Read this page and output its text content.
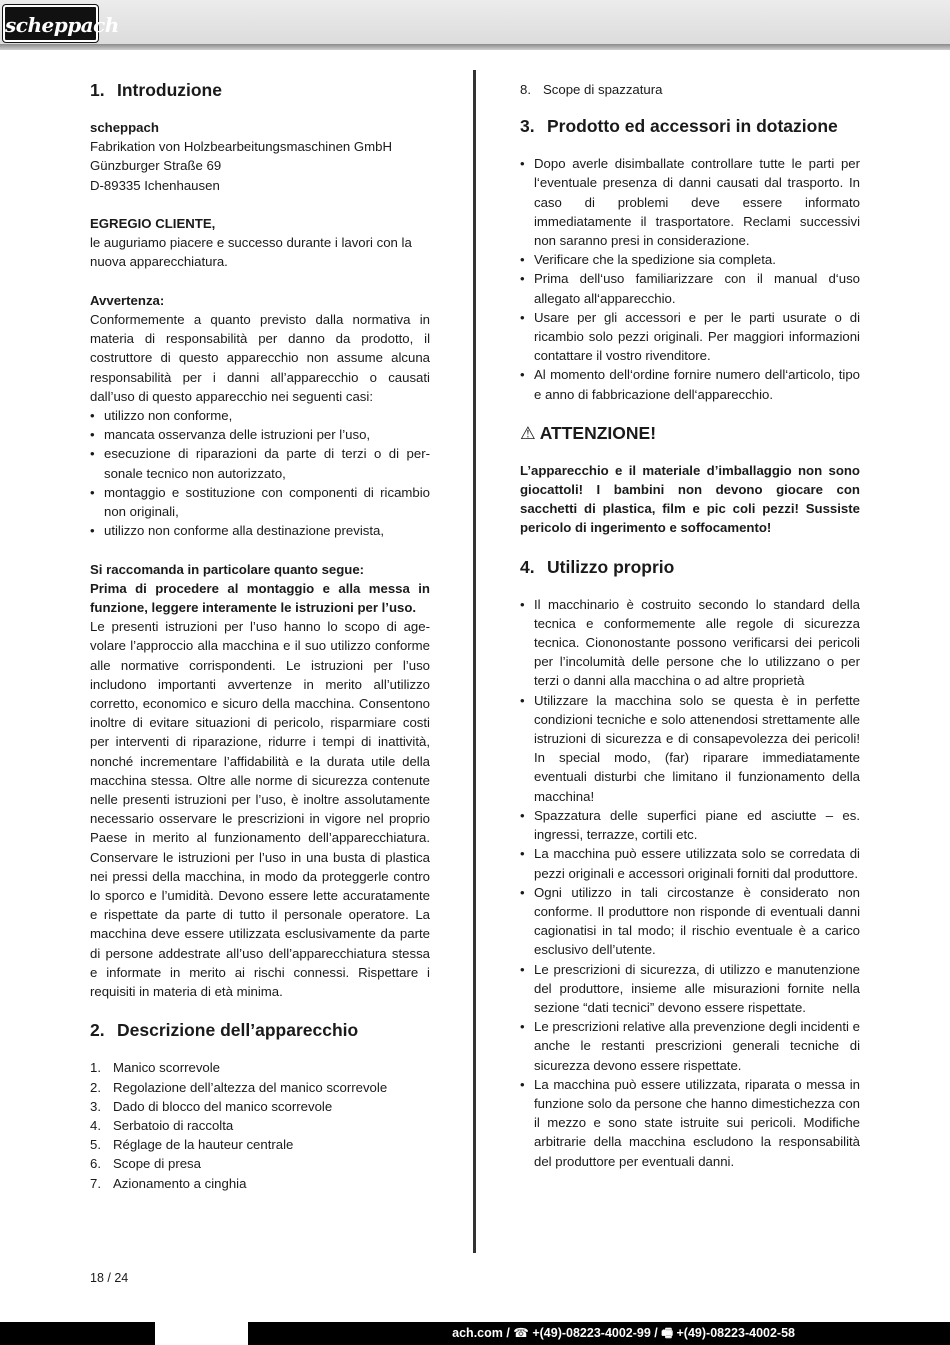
scheppach
1. Introduzione

scheppach

Fabrikation von Holzbearbeitungsmaschinen GmbH

Günzburger Straße 69

D-89335 Ichenhausen

EGREGIO CLIENTE,

le auguriamo piacere e successo durante i lavori con la nuova apparecchiatura.

Avvertenza:

Conformemente a quanto previsto dalla normativa in materia di responsabilità per danno da prodotto, il costruttore di questo apparecchio non assume alcuna responsabilità per i danni all’apparecchio o causati dall’uso di questo apparecchio nei seguenti casi:

• utilizzo non conforme,
• mancata osservanza delle istruzioni per l’uso,
• esecuzione di riparazioni da parte di terzi o di personale tecnico non autorizzato,
• montaggio e sostituzione con componenti di ricambio non originali,
• utilizzo non conforme alla destinazione prevista,

Si raccomanda in particolare quanto segue:

Prima di procedere al montaggio e alla messa in funzione, leggere interamente le istruzioni per l’uso.

Le presenti istruzioni per l’uso hanno lo scopo di agevolare l’approccio alla macchina e il suo utilizzo conforme alle normative corrispondenti. Le istruzioni per l’uso includono importanti avvertenze in merito all’utilizzo corretto, economico e sicuro della macchina. Consentono inoltre di evitare situazioni di pericolo, risparmiare costi per interventi di riparazione, ridurre i tempi di inattività, nonché incrementare l’affidabilità e la durata utile della macchina stessa. Oltre alle norme di sicurezza contenute nelle presenti istruzioni per l’uso, è inoltre assolutamente necessario osservare le prescrizioni in vigore nel proprio Paese in merito al funzionamento dell’apparecchiatura. Conservare le istruzioni per l’uso in una busta di plastica nei pressi della macchina, in modo da proteggerle contro lo sporco e l’umidità. Devono essere lette accuratamente e rispettate da parte di tutto il personale operatore. La macchina deve essere utilizzata esclusivamente da parte di persone addestrate all’uso dell’apparecchiatura stessa e informate in merito ai rischi connessi. Rispettare i requisiti in materia di età minima.

2. Descrizione dell’apparecchio
1. Manico scorrevole
2. Regolazione dell’altezza del manico scorrevole
3. Dado di blocco del manico scorrevole
4. Serbatoio di raccolta
5. Réglage de la hauteur centrale
6. Scope di presa
7. Azionamento a cinghia

8. Scope di spazzatura

3. Prodotto ed accessori in dotazione
• Dopo averle disimballate controllare tutte le parti per l‘eventuale presenza di danni causati dal trasporto. In caso di problemi deve essere informato immediatamente il trasportatore. Reclami successivi non saranno presi in considerazione.
• Verificare che la spedizione sia completa.
• Prima dell‘uso familiarizzare con il manual d‘uso allegato all‘apparecchio.
• Usare per gli accessori e per le parti usurate o di ricambio solo pezzi originali. Per maggiori informazioni contattare il vostro rivenditore.
• Al momento dell‘ordine fornire numero dell‘articolo, tipo e anno di fabbricazione dell‘apparecchio.
⚠ ATTENZIONE!

L’apparecchio e il materiale d’imballaggio non sono giocattoli! I bambini non devono giocare con sacchetti di plastica, film e pic coli pezzi! Sussiste pericolo di ingerimento e soffocamento!

4. Utilizzo proprio
• Il macchinario è costruito secondo lo standard della tecnica e conformemente alle regole di sicurezza tecnica. Ciononostante possono verificarsi dei pericoli per l’incolumità delle persone che lo utilizzano o per terzi o danni alla macchina o ad altre proprietà
• Utilizzare la macchina solo se questa è in perfette condizioni tecniche e solo attenendosi strettamente alle istruzioni di sicurezza e di consapevolezza dei pericoli! In special modo, (far) riparare immediatamente eventuali disturbi che limitano il funzionamento della macchina!
• Spazzatura delle superfici piane ed asciutte – es. ingressi, terrazze, cortili etc.
• La macchina può essere utilizzata solo se corredata di pezzi originali e accessori originali forniti dal produttore.
• Ogni utilizzo in tali circostanze è considerato non conforme. Il produttore non risponde di eventuali danni cagionatisi in tal modo; il rischio eventuale è a carico esclusivo dell’utente.
• Le prescrizioni di sicurezza, di utilizzo e manutenzione del produttore, insieme alle misurazioni fornite nella sezione “dati tecnici” devono essere rispettate.
• Le prescrizioni relative alla prevenzione degli incidenti e anche le restanti prescrizioni generali tecniche di sicurezza devono essere rispettate.
• La macchina può essere utilizzata, riparata o messa in funzione solo da persone che hanno dimestichezza con il mezzo e sono state istruite sui pericoli. Modifiche arbitrarie della macchina escludono la responsabilità del produttore per eventuali danni.
18 / 24
ach.com / ☎ +(49)-08223-4002-99 / 🖷 +(49)-08223-4002-58
